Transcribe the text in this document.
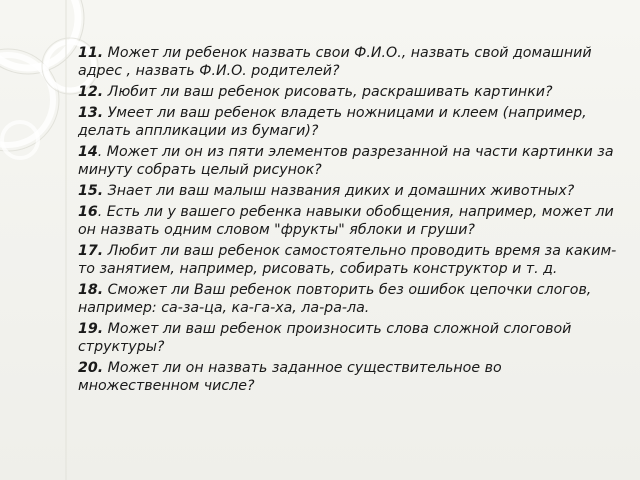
11. Может ли ребенок назвать свои Ф.И.О., назвать свой домашний адрес , назвать Ф.И.О. родителей?
12. Любит ли ваш ребенок рисовать, раскрашивать картинки?
13. Умеет ли ваш ребенок владеть ножницами и клеем (например, делать аппликации из бумаги)?
14. Может ли он из пяти элементов разрезанной на части картинки за минуту собрать целый рисунок?
15. Знает ли ваш малыш названия диких и домашних животных?
16. Есть ли у вашего ребенка навыки обобщения, например, может ли он назвать одним словом "фрукты" яблоки и груши?
17. Любит ли ваш ребенок самостоятельно проводить время за каким-то занятием, например, рисовать, собирать конструктор и т. д.
18. Сможет ли Ваш ребенок повторить без ошибок цепочки слогов, например: са-за-ца, ка-га-ха, ла-ра-ла.
19. Может ли ваш ребенок произносить слова сложной слоговой структуры?
20. Может ли он назвать заданное существительное во множественном числе?
